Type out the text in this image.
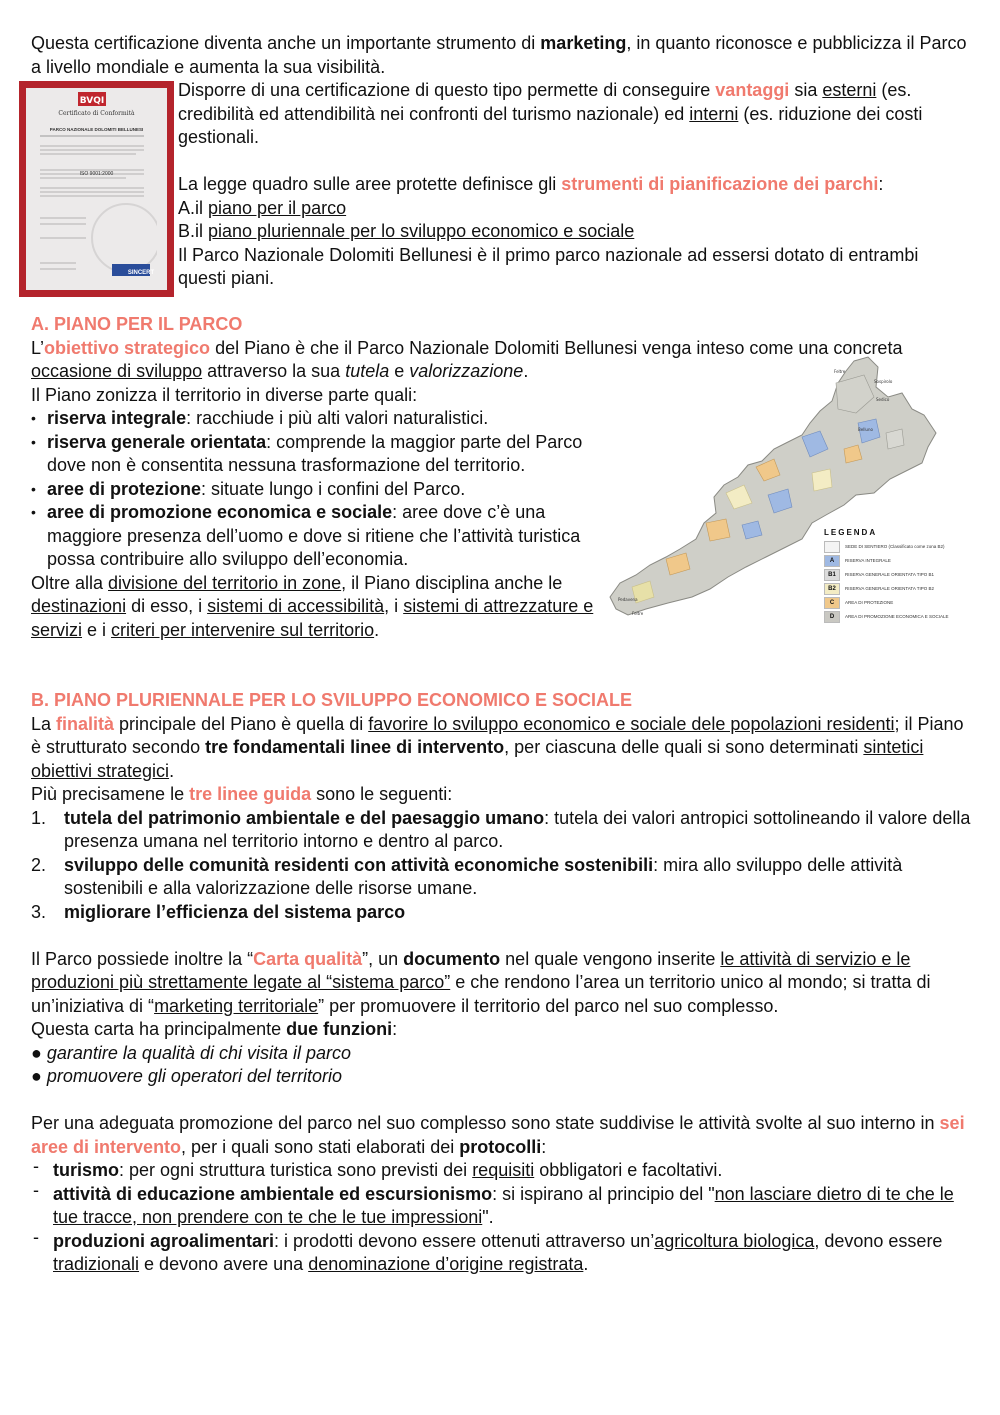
Questa certificazione diventa anche un importante strumento di marketing, in quanto riconosce e pubblicizza il Parco a livello mondiale e aumenta la sua visibilità.

BVQI
Certificato di Conformità
PARCO NAZIONALE DOLOMITI BELLUNESI
ISO 9001:2000
SINCERT

Disporre di una certificazione di questo tipo permette di conseguire vantaggi sia esterni (es. credibilità ed attendibilità nei confronti del turismo nazionale) ed interni (es. riduzione dei costi gestionali.

La legge quadro sulle aree protette definisce gli strumenti di pianificazione dei parchi:

A.il piano per il parco

B.il piano pluriennale per lo sviluppo economico e sociale

Il Parco Nazionale Dolomiti Bellunesi è il primo parco nazionale ad essersi dotato di entrambi questi piani.

A. PIANO PER IL PARCO

L’obiettivo strategico del Piano è che il Parco Nazionale Dolomiti Bellunesi venga inteso come una concreta occasione di sviluppo attraverso la sua tutela e valorizzazione.

Il Piano zonizza il territorio in diverse parte quali:

• riserva integrale: racchiude i più alti valori naturalistici.
• riserva generale orientata: comprende la maggior parte del Parco dove non è consentita nessuna trasformazione del territorio.
• aree di protezione: situate lungo i confini del Parco.
• aree di promozione economica e sociale: aree dove c’è una maggiore presenza dell’uomo e dove si ritiene che l’attività turistica possa contribuire allo sviluppo dell’economia.

Oltre alla divisione del territorio in zone, il Piano disciplina anche le destinazioni di esso, i sistemi di accessibilità, i sistemi di attrezzature e servizi e i criteri per intervenire sul territorio.

Feltre
Sospirolo
Sedico
Belluno
Pedavena
Feltre
LEGENDA
SEDE DI SENTIERO (Classificato come zona B2)
A	RISERVA INTEGRALE
B1	RISERVA GENERALE ORIENTATA TIPO B1
B2	RISERVA GENERALE ORIENTATA TIPO B2
C	AREA DI PROTEZIONE
D	AREA DI PROMOZIONE ECONOMICA E SOCIALE
B. PIANO PLURIENNALE PER LO SVILUPPO ECONOMICO E SOCIALE

La finalità principale del Piano è quella di favorire lo sviluppo economico e sociale dele popolazioni residenti; il Piano è strutturato secondo tre fondamentali linee di intervento, per ciascuna delle quali si sono determinati sintetici obiettivi strategici.

Più precisamene le tre linee guida sono le seguenti:

1. tutela del patrimonio ambientale e del paesaggio umano: tutela dei valori antropici sottolineando il valore della presenza umana nel territorio intorno e dentro al parco.
2. sviluppo delle comunità residenti con attività economiche sostenibili: mira allo sviluppo delle attività sostenibili e alla valorizzazione delle risorse umane.
3. migliorare l’efficienza del sistema parco

Il Parco possiede inoltre la “Carta qualità”, un documento nel quale vengono inserite le attività di servizio e le produzioni più strettamente legate al “sistema parco” e che rendono l’area un territorio unico al mondo; si tratta di un’iniziativa di “marketing territoriale” per promuovere il territorio del parco nel suo complesso.

Questa carta ha principalmente due funzioni:

● garantire la qualità di chi visita il parco

● promuovere gli operatori del territorio

Per una adeguata promozione del parco nel suo complesso sono state suddivise le attività svolte al suo interno in sei aree di intervento, per i quali sono stati elaborati dei protocolli:

- turismo: per ogni struttura turistica sono previsti dei requisiti obbligatori e facoltativi.
- attività di educazione ambientale ed escursionismo: si ispirano al principio del "non lasciare dietro di te che le tue tracce, non prendere con te che le tue impressioni".
- produzioni agroalimentari: i prodotti devono essere ottenuti attraverso un’agricoltura biologica, devono essere tradizionali e devono avere una denominazione d’origine registrata.
